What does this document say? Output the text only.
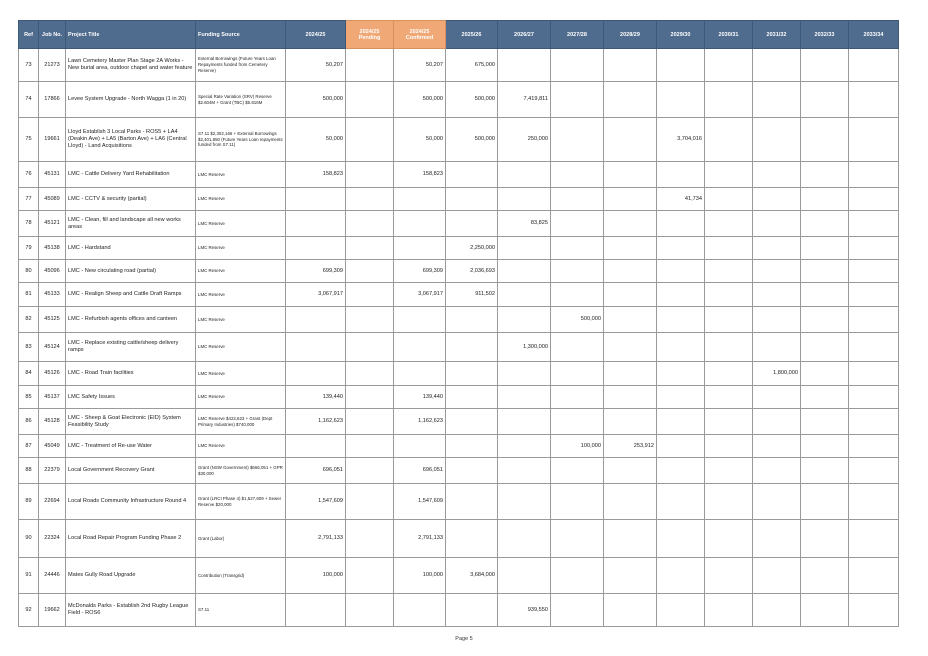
Ref	Job No.	Project Title	Funding Source	2024/25	2024/25 Pending	2024/25 Confirmed	2025/26	2026/27	2027/28	2028/29	2029/30	2030/31	2031/32	2032/33	2033/34
73	21273	Lawn Cemetery Master Plan Stage 2A Works - New burial area, outdoor chapel and water feature	External Borrowings (Future Years Loan Repayments funded from Cemetery Reserve)	50,207		50,207	675,000								
74	17866	Levee System Upgrade - North Wagga (1 in 20)	Special Rate Variation (SRV) Reserve $2.604M + Grant (TBC) $5.816M	500,000		500,000	500,000	7,419,811							
75	19661	Lloyd Establish 3 Local Parks - ROS5 + LA4 (Deakin Ave) + LA5 (Barton Ave) + LA6 (Central Lloyd) - Land Acquisitions	S7.11 $2,302,166 + External Borrowings $2,401,850 (Future Years Loan repayments funded from S7.11)	50,000		50,000	500,000	250,000			3,704,016				
76	45131	LMC - Cattle Delivery Yard Rehabilitation	LMC Reserve	158,823		158,823									
77	45089	LMC - CCTV & security (partial)	LMC Reserve								41,734				
78	45121	LMC - Clean, fill and landscape all new works areas	LMC Reserve					83,825							
79	45138	LMC - Hardstand	LMC Reserve				2,250,000								
80	45096	LMC - New circulating road (partial)	LMC Reserve	699,309		699,309	2,036,693								
81	45133	LMC - Realign Sheep and Cattle Draft Ramps	LMC Reserve	3,067,917		3,067,917	911,502								
82	45125	LMC - Refurbish agents offices and canteen	LMC Reserve						500,000						
83	45124	LMC - Replace existing cattle/sheep delivery ramps	LMC Reserve					1,300,000							
84	45126	LMC - Road Train facilities	LMC Reserve										1,800,000		
85	45137	LMC Safety Issues	LMC Reserve	139,440		139,440									
86	45128	LMC - Sheep & Goat Electronic (EID) System Feasibility Study	LMC Reserve $422,623 + Grant (Dept Primary Industries) $740,000	1,162,623		1,162,623									
87	45049	LMC - Treatment of Re-use Water	LMC Reserve						100,000	253,912					
88	22379	Local Government Recovery Grant	Grant (NSW Government) $666,051 + GPR $30,000	696,051		696,051									
89	22694	Local Roads Community Infrastructure Round 4	Grant (LRCI Phase 4) $1,527,609 + Sewer Reserve $20,000	1,547,609		1,547,609									
90	22324	Local Road Repair Program Funding Phase 2	Grant (Labor)	2,791,133		2,791,133									
91	24446	Mates Gully Road Upgrade	Contribution (Transgrid)	100,000		100,000	3,684,000								
92	19662	McDonalds Parks - Establish 2nd Rugby League Field - ROS6	S7.11					939,550							
Page 5
